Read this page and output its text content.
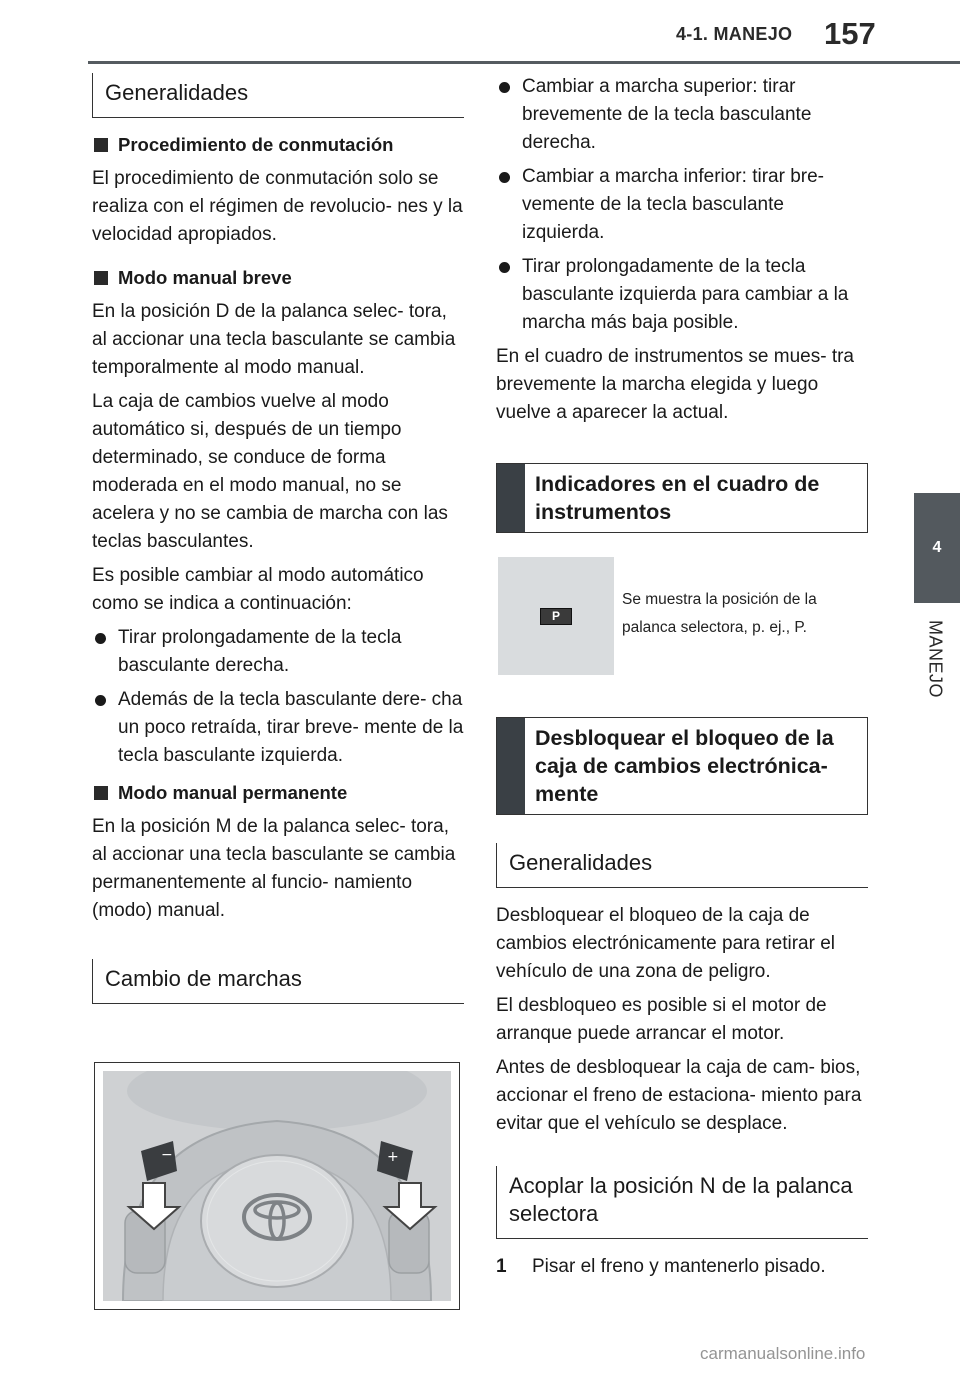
4-1. MANEJO 157
4
MANEJO
Generalidades
Procedimiento de conmutación

El procedimiento de conmutación solo se realiza con el régimen de revolucio- nes y la velocidad apropiados.

Modo manual breve

En la posición D de la palanca selec- tora, al accionar una tecla basculante se cambia temporalmente al modo manual.

La caja de cambios vuelve al modo automático si, después de un tiempo determinado, se conduce de forma moderada en el modo manual, no se acelera y no se cambia de marcha con las teclas basculantes.

Es posible cambiar al modo automático como se indica a continuación:

Tirar prolongadamente de la tecla basculante derecha.
Además de la tecla basculante dere- cha un poco retraída, tirar breve- mente de la tecla basculante izquierda.
Modo manual permanente

En la posición M de la palanca selec- tora, al accionar una tecla basculante se cambia permanentemente al funcio- namiento (modo) manual.

Cambio de marchas
−	+
Cambiar a marcha superior: tirar brevemente de la tecla basculante derecha.
Cambiar a marcha inferior: tirar bre- vemente de la tecla basculante izquierda.
Tirar prolongadamente de la tecla basculante izquierda para cambiar a la marcha más baja posible.

En el cuadro de instrumentos se mues- tra brevemente la marcha elegida y luego vuelve a aparecer la actual.

Indicadores en el cuadro de instrumentos
Desbloquear el bloqueo de la caja de cambios electrónica- mente
Generalidades

Desbloquear el bloqueo de la caja de cambios electrónicamente para retirar el vehículo de una zona de peligro.

El desbloqueo es posible si el motor de arranque puede arrancar el motor.

Antes de desbloquear la caja de cam- bios, accionar el freno de estaciona- miento para evitar que el vehículo se desplace.

Acoplar la posición N de la palanca selectora
1 Pisar el freno y mantenerlo pisado.
P
Se muestra la posición de la palanca selectora, p. ej., P.
carmanualsonline.info
